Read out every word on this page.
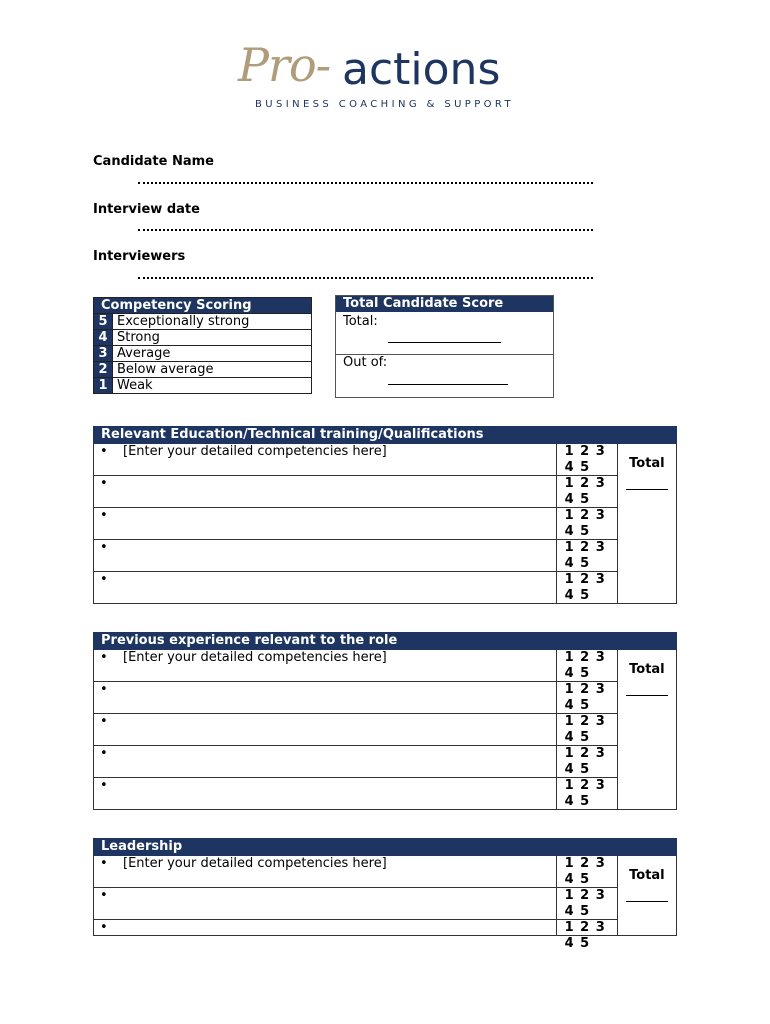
Pro- actions
BUSINESS COACHING & SUPPORT
Candidate Name
Interview date
Interviewers
Competency Scoring	
5	Exceptionally strong
4	Strong
3	Average
2	Below average
1	Weak
Total Candidate Score
Total:
Out of:
Relevant Education/Technical training/Qualifications		
• [Enter your detailed competencies here]	1 2 3 4 5	Total

•	1 2 3 4 5	
•	1 2 3 4 5	
•	1 2 3 4 5	
•	1 2 3 4 5	
Previous experience relevant to the role		
• [Enter your detailed competencies here]	1 2 3 4 5	Total

•	1 2 3 4 5	
•	1 2 3 4 5	
•	1 2 3 4 5	
•	1 2 3 4 5	
Leadership		
• [Enter your detailed competencies here]	1 2 3 4 5	Total

•	1 2 3 4 5	
•	1 2 3 4 5	
